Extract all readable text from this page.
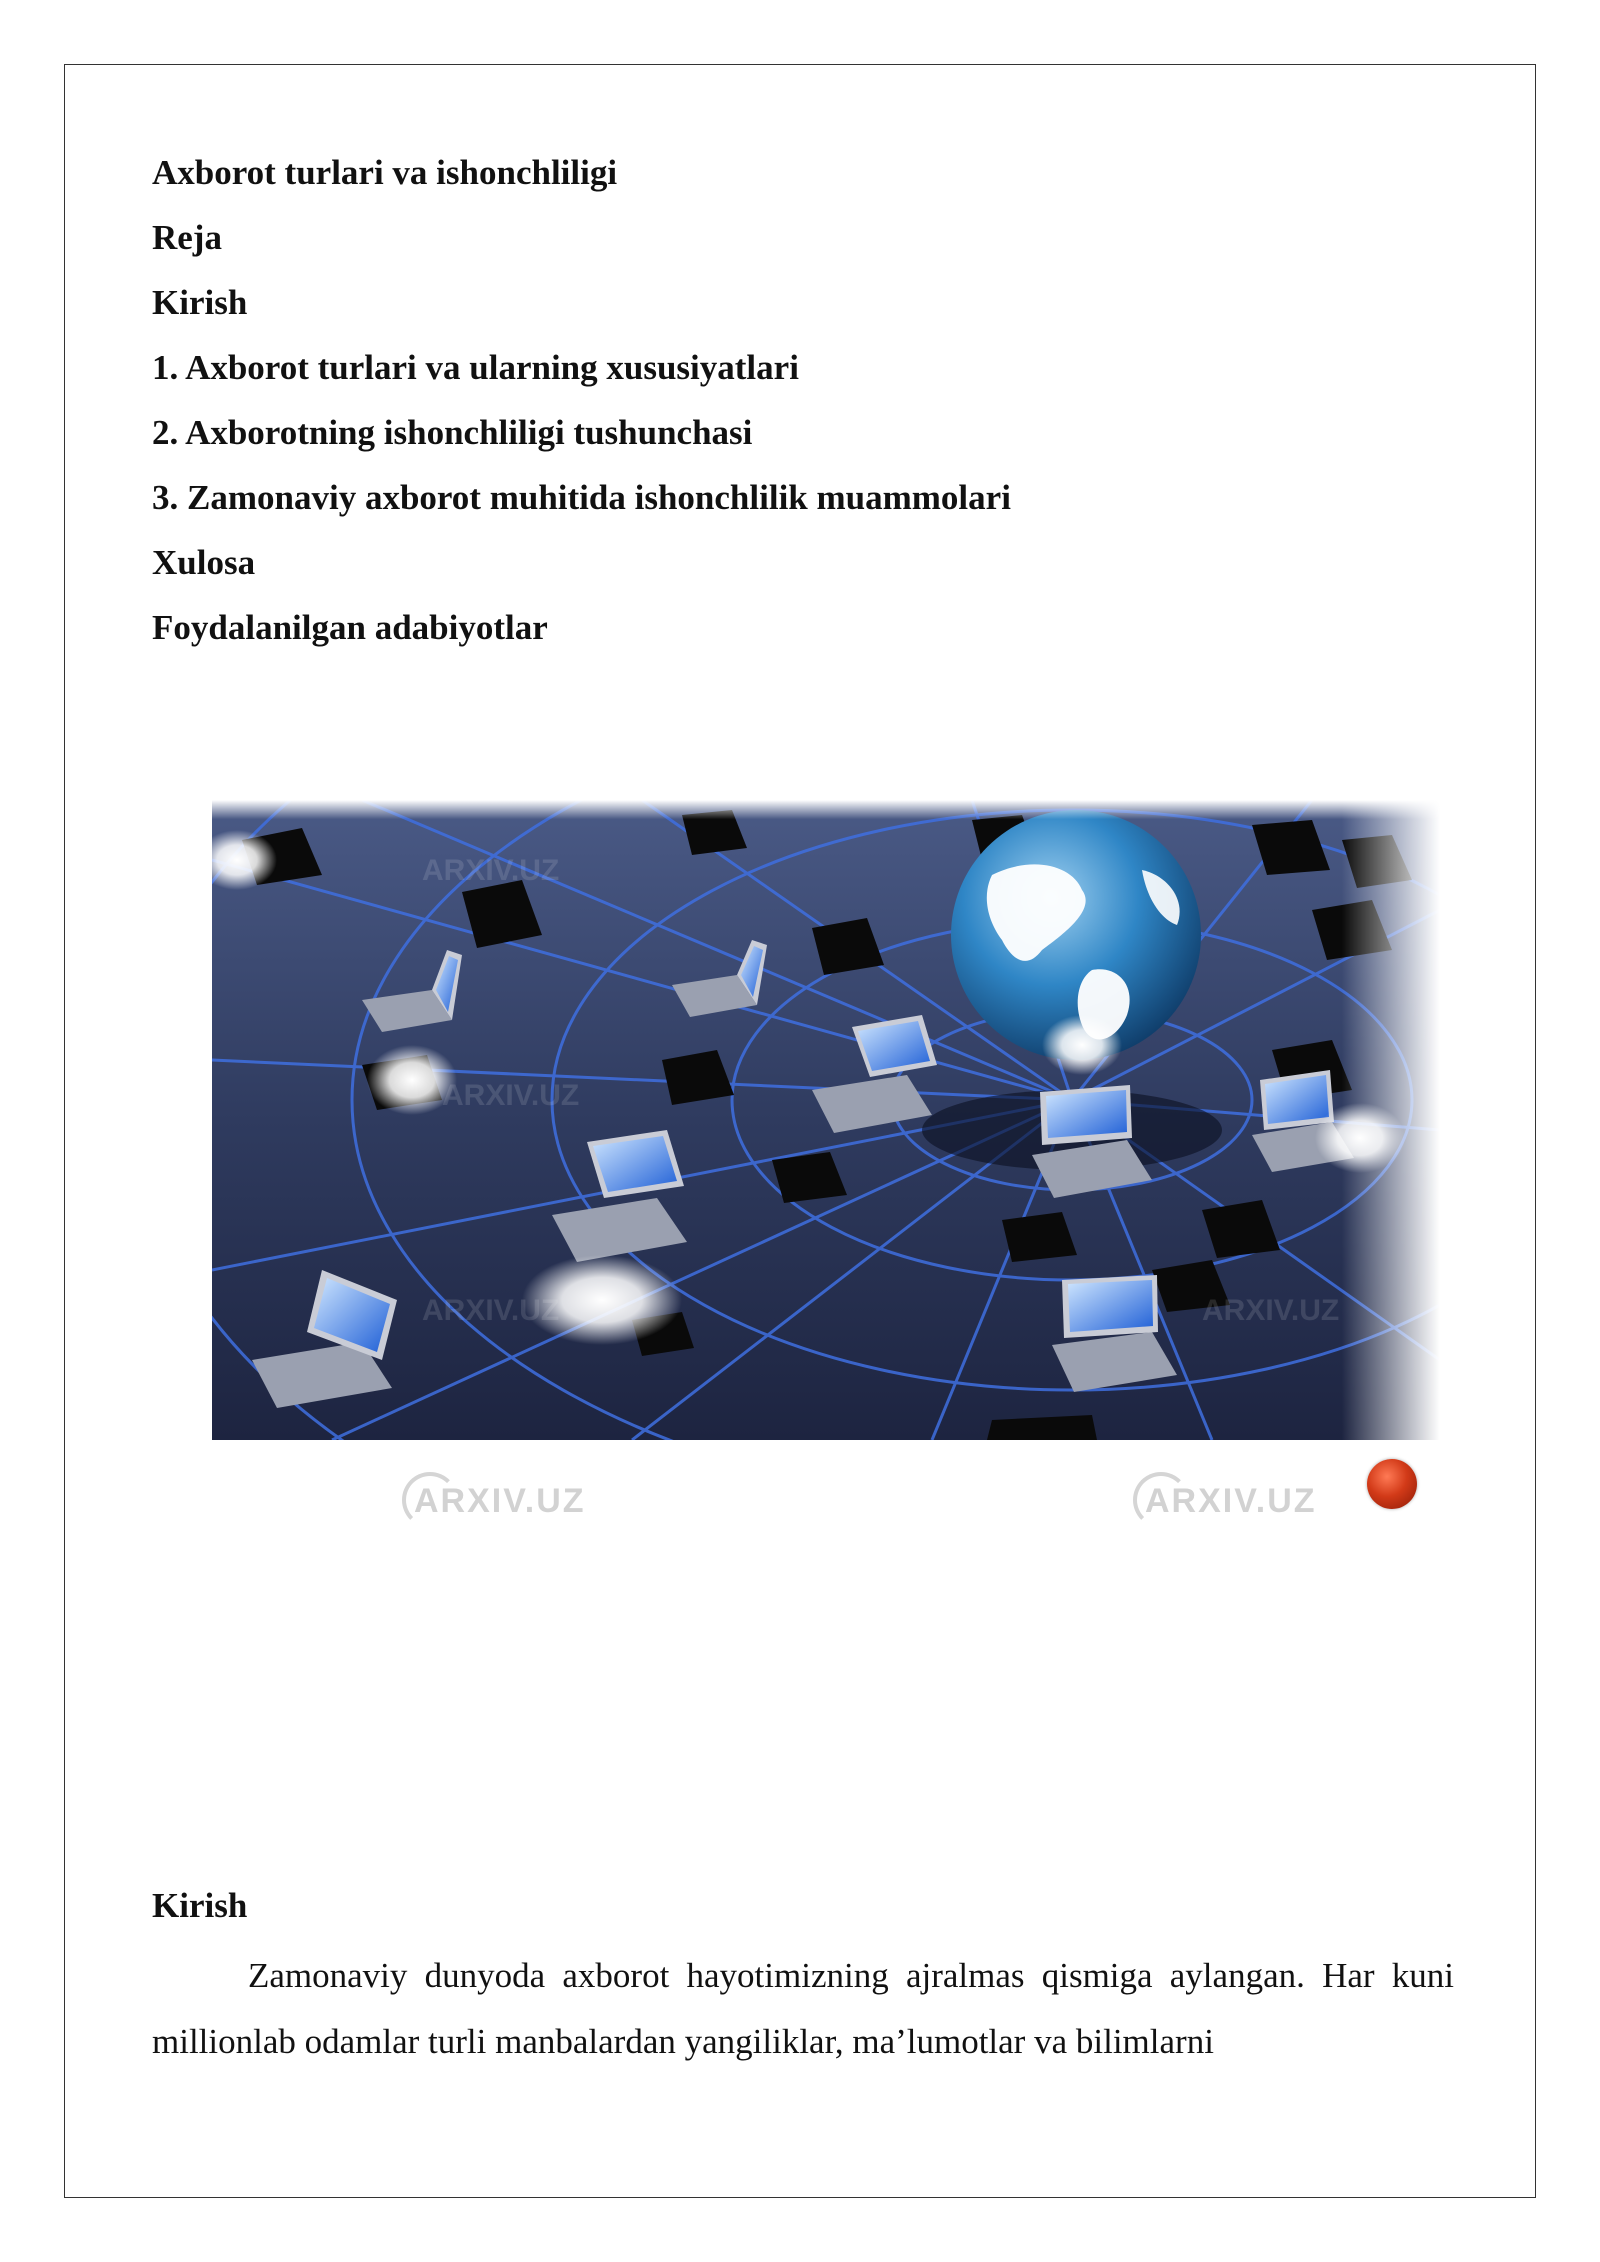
Axborot turlari va ishonchliligi
Reja
Kirish
1. Axborot turlari va ularning xususiyatlari
2. Axborotning ishonchliligi tushunchasi
3. Zamonaviy axborot muhitida ishonchlilik muammolari
Xulosa
Foydalanilgan adabiyotlar
ARXIV.UZ	ARXIV.UZ
Kirish

Zamonaviy dunyoda axborot hayotimizning ajralmas qismiga aylangan. Har kuni millionlab odamlar turli manbalardan yangiliklar, ma’lumotlar va bilimlarni
